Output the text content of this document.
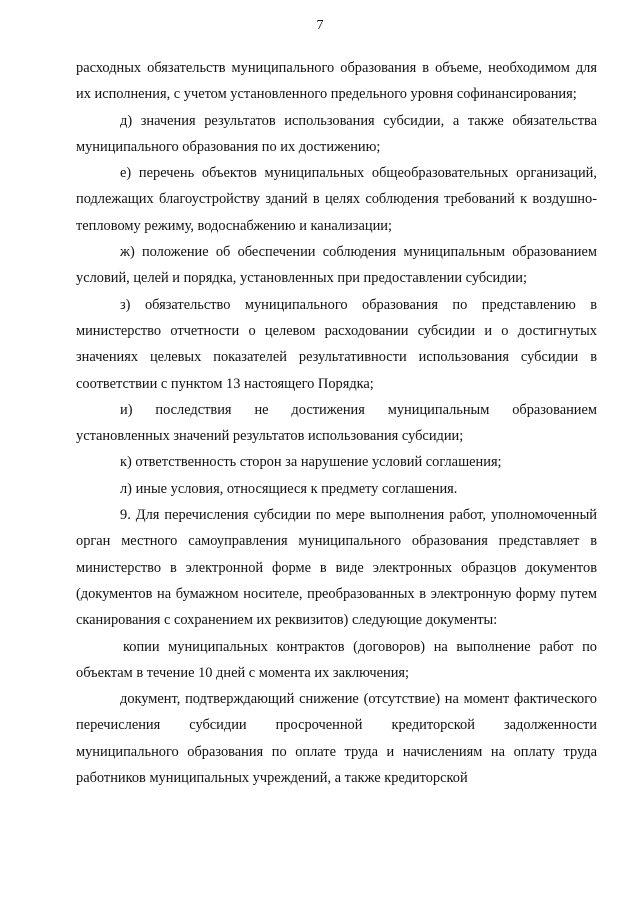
7

расходных обязательств муниципального образования в объеме, необходимом для их исполнения, с учетом установленного предельного уровня софинансирования;

д) значения результатов использования субсидии, а также обязательства муниципального образования по их достижению;

е) перечень объектов муниципальных общеобразовательных организаций, подлежащих благоустройству зданий в целях соблюдения требований к воздушно-тепловому режиму, водоснабжению и канализации;

ж) положение об обеспечении соблюдения муниципальным образованием условий, целей и порядка, установленных при предоставлении субсидии;

з) обязательство муниципального образования по представлению в министерство отчетности о целевом расходовании субсидии и о достигнутых значениях целевых показателей результативности использования субсидии в соответствии с пунктом 13 настоящего Порядка;

и) последствия не достижения муниципальным образованием установленных значений результатов использования субсидии;

к) ответственность сторон за нарушение условий соглашения;

л) иные условия, относящиеся к предмету соглашения.

9. Для перечисления субсидии по мере выполнения работ, уполномоченный орган местного самоуправления муниципального образования представляет в министерство в электронной форме в виде электронных образцов документов (документов на бумажном носителе, преобразованных в электронную форму путем сканирования с сохранением их реквизитов) следующие документы:

копии муниципальных контрактов (договоров) на выполнение работ по объектам в течение 10 дней с момента их заключения;

документ, подтверждающий снижение (отсутствие) на момент фактического перечисления субсидии просроченной кредиторской задолженности муниципального образования по оплате труда и начислениям на оплату труда работников муниципальных учреждений, а также кредиторской
